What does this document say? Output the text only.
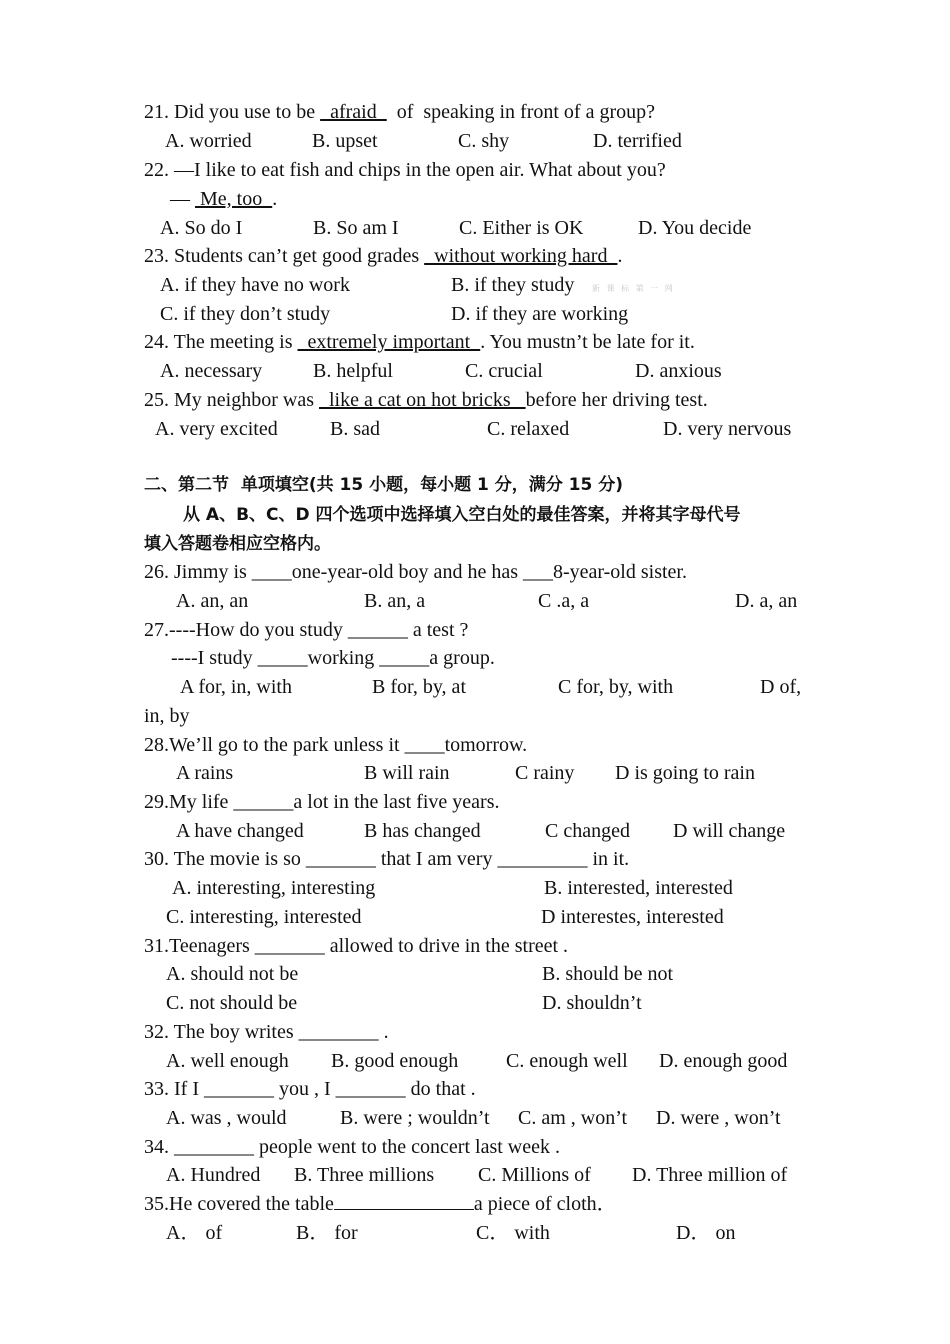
21. Did you use to be   afraid    of  speaking in front of a group?
A. worried	B. upset	C. shy	D. terrified
22. —I like to eat fish and chips in the open air. What about you?
—  Me, too  .
A. So do I	B. So am I	C. Either is OK	D. You decide
23. Students can’t get good grades   without working hard  .
A. if they have no work	B. if they study 新 课 标 第 一 网
C. if they don’t study	D. if they are working
24. The meeting is   extremely important  . You mustn’t be late for it.
A. necessary	B. helpful	C. crucial	D. anxious
25. My neighbor was   like a cat on hot bricks   before her driving test.
A. very excited	B. sad	C. relaxed	D. very nervous
二、第二节  单项填空(共 15 小题，每小题 1 分，满分 15 分)
从 A、B、C、D 四个选项中选择填入空白处的最佳答案，并将其字母代号
填入答题卷相应空格内。
26. Jimmy is ____one-year-old boy and he has ___8-year-old sister.
A. an, an	B. an, a	C .a, a	D. a, an
27.----How do you study ______ a test ?
----I study _____working _____a group.
A for, in, with	B for, by, at	C for, by, with	D of,
in, by
28.We’ll go to the park unless it ____tomorrow.
A rains	B will rain	C rainy D is going to rain
29.My life ______a lot in the last five years.
A have changed	B has changed	C changed D will change
30. The movie is so _______ that I am very _________ in it.
A. interesting, interesting	B. interested, interested
C. interesting, interested	D interestes, interested
31.Teenagers _______ allowed to drive in the street .
A. should not be	B. should be not
C. not should be	D. shouldn’t
32. The boy writes ________ .
A. well enough B. good enough C. enough well D. enough good
33. If I _______ you , I _______ do that .
A. was , would	B. were ; wouldn’t C. am , won’t D. were , won’t
34. ________ people went to the concert last week .
A. Hundred B. Three millions C. Millions of D. Three million of
35.He covered the table	a piece of cloth．
A． of	B． for	C． with	D． on
